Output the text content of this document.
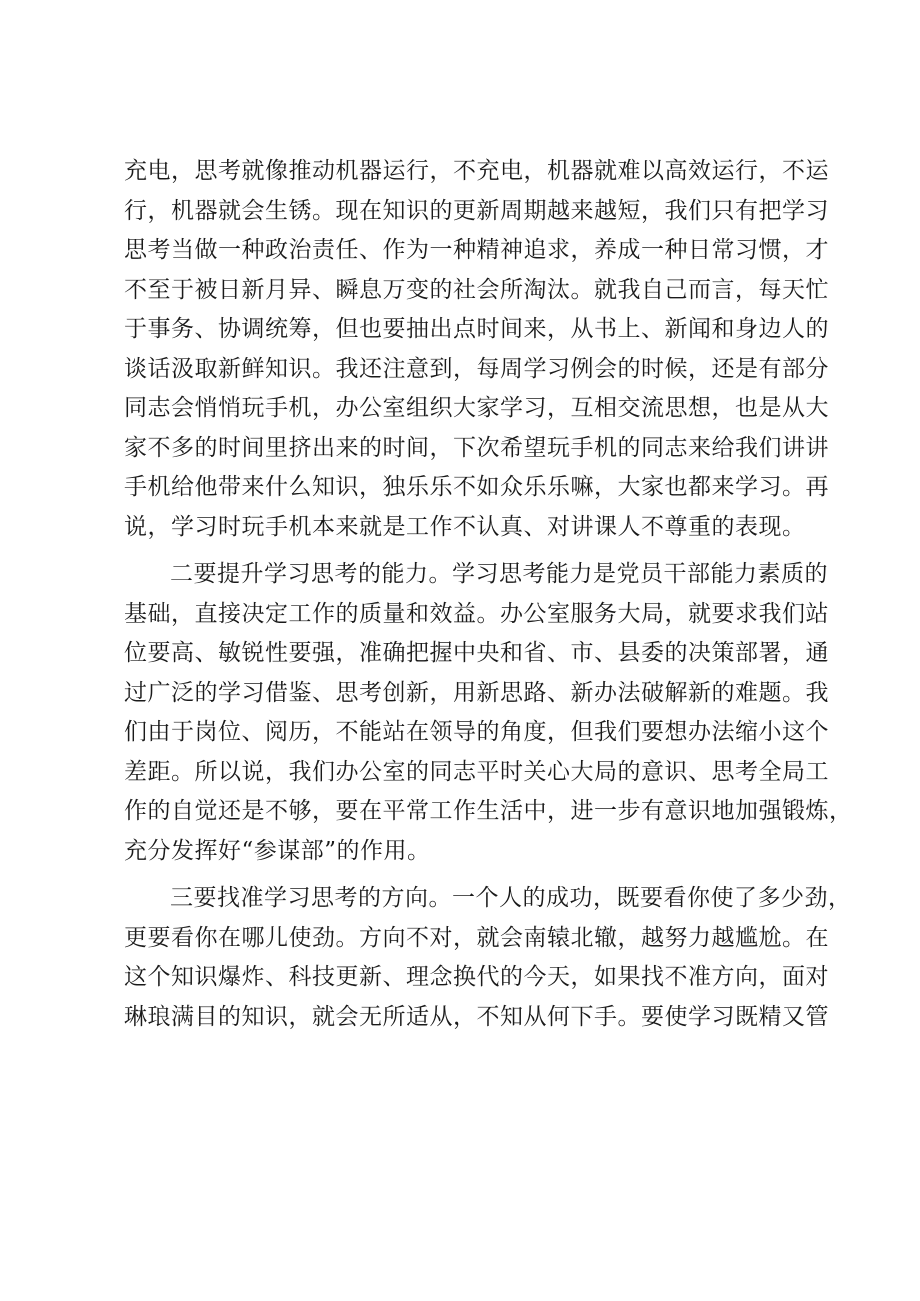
充电，思考就像推动机器运行，不充电，机器就难以高效运行，不运
行，机器就会生锈。现在知识的更新周期越来越短，我们只有把学习
思考当做一种政治责任、作为一种精神追求，养成一种日常习惯，才
不至于被日新月异、瞬息万变的社会所淘汰。就我自己而言，每天忙
于事务、协调统筹，但也要抽出点时间来，从书上、新闻和身边人的
谈话汲取新鲜知识。我还注意到，每周学习例会的时候，还是有部分
同志会悄悄玩手机，办公室组织大家学习，互相交流思想，也是从大
家不多的时间里挤出来的时间，下次希望玩手机的同志来给我们讲讲
手机给他带来什么知识，独乐乐不如众乐乐嘛，大家也都来学习。再
说，学习时玩手机本来就是工作不认真、对讲课人不尊重的表现。
二要提升学习思考的能力。学习思考能力是党员干部能力素质的
基础，直接决定工作的质量和效益。办公室服务大局，就要求我们站
位要高、敏锐性要强，准确把握中央和省、市、县委的决策部署，通
过广泛的学习借鉴、思考创新，用新思路、新办法破解新的难题。我
们由于岗位、阅历，不能站在领导的角度，但我们要想办法缩小这个
差距。所以说，我们办公室的同志平时关心大局的意识、思考全局工
作的自觉还是不够，要在平常工作生活中，进一步有意识地加强锻炼，
充分发挥好“参谋部”的作用。
三要找准学习思考的方向。一个人的成功，既要看你使了多少劲，
更要看你在哪儿使劲。方向不对，就会南辕北辙，越努力越尴尬。在
这个知识爆炸、科技更新、理念换代的今天，如果找不准方向，面对
琳琅满目的知识，就会无所适从，不知从何下手。要使学习既精又管
